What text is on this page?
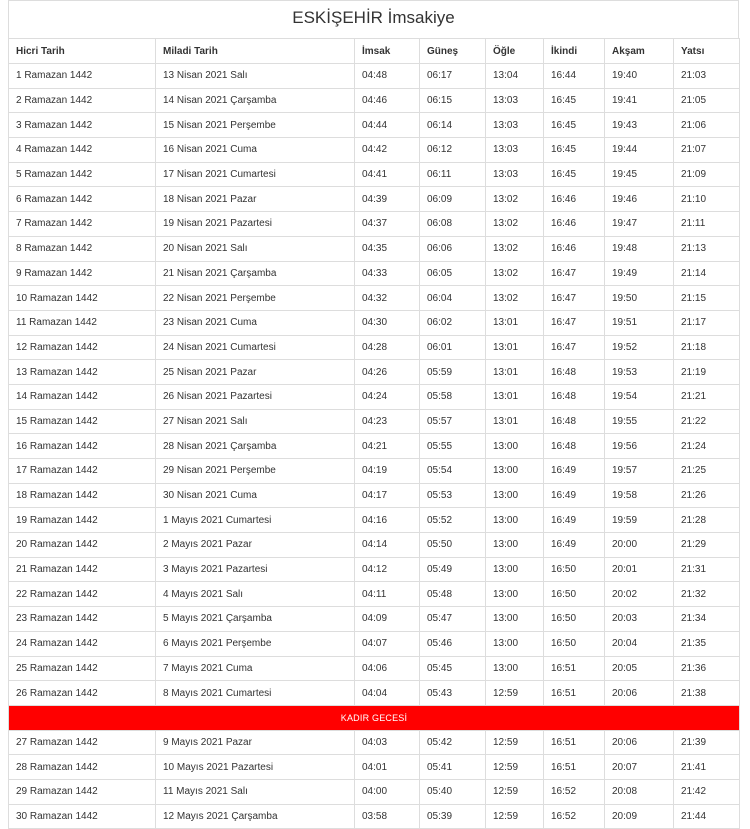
ESKİŞEHİR İmsakiye
Hicri Tarih	Miladi Tarih	İmsak	Güneş	Öğle	İkindi	Akşam	Yatsı
1 Ramazan 1442	13 Nisan 2021 Salı	04:48	06:17	13:04	16:44	19:40	21:03
2 Ramazan 1442	14 Nisan 2021 Çarşamba	04:46	06:15	13:03	16:45	19:41	21:05
3 Ramazan 1442	15 Nisan 2021 Perşembe	04:44	06:14	13:03	16:45	19:43	21:06
4 Ramazan 1442	16 Nisan 2021 Cuma	04:42	06:12	13:03	16:45	19:44	21:07
5 Ramazan 1442	17 Nisan 2021 Cumartesi	04:41	06:11	13:03	16:45	19:45	21:09
6 Ramazan 1442	18 Nisan 2021 Pazar	04:39	06:09	13:02	16:46	19:46	21:10
7 Ramazan 1442	19 Nisan 2021 Pazartesi	04:37	06:08	13:02	16:46	19:47	21:11
8 Ramazan 1442	20 Nisan 2021 Salı	04:35	06:06	13:02	16:46	19:48	21:13
9 Ramazan 1442	21 Nisan 2021 Çarşamba	04:33	06:05	13:02	16:47	19:49	21:14
10 Ramazan 1442	22 Nisan 2021 Perşembe	04:32	06:04	13:02	16:47	19:50	21:15
11 Ramazan 1442	23 Nisan 2021 Cuma	04:30	06:02	13:01	16:47	19:51	21:17
12 Ramazan 1442	24 Nisan 2021 Cumartesi	04:28	06:01	13:01	16:47	19:52	21:18
13 Ramazan 1442	25 Nisan 2021 Pazar	04:26	05:59	13:01	16:48	19:53	21:19
14 Ramazan 1442	26 Nisan 2021 Pazartesi	04:24	05:58	13:01	16:48	19:54	21:21
15 Ramazan 1442	27 Nisan 2021 Salı	04:23	05:57	13:01	16:48	19:55	21:22
16 Ramazan 1442	28 Nisan 2021 Çarşamba	04:21	05:55	13:00	16:48	19:56	21:24
17 Ramazan 1442	29 Nisan 2021 Perşembe	04:19	05:54	13:00	16:49	19:57	21:25
18 Ramazan 1442	30 Nisan 2021 Cuma	04:17	05:53	13:00	16:49	19:58	21:26
19 Ramazan 1442	1 Mayıs 2021 Cumartesi	04:16	05:52	13:00	16:49	19:59	21:28
20 Ramazan 1442	2 Mayıs 2021 Pazar	04:14	05:50	13:00	16:49	20:00	21:29
21 Ramazan 1442	3 Mayıs 2021 Pazartesi	04:12	05:49	13:00	16:50	20:01	21:31
22 Ramazan 1442	4 Mayıs 2021 Salı	04:11	05:48	13:00	16:50	20:02	21:32
23 Ramazan 1442	5 Mayıs 2021 Çarşamba	04:09	05:47	13:00	16:50	20:03	21:34
24 Ramazan 1442	6 Mayıs 2021 Perşembe	04:07	05:46	13:00	16:50	20:04	21:35
25 Ramazan 1442	7 Mayıs 2021 Cuma	04:06	05:45	13:00	16:51	20:05	21:36
26 Ramazan 1442	8 Mayıs 2021 Cumartesi	04:04	05:43	12:59	16:51	20:06	21:38
KADIR GECESİ							
27 Ramazan 1442	9 Mayıs 2021 Pazar	04:03	05:42	12:59	16:51	20:06	21:39
28 Ramazan 1442	10 Mayıs 2021 Pazartesi	04:01	05:41	12:59	16:51	20:07	21:41
29 Ramazan 1442	11 Mayıs 2021 Salı	04:00	05:40	12:59	16:52	20:08	21:42
30 Ramazan 1442	12 Mayıs 2021 Çarşamba	03:58	05:39	12:59	16:52	20:09	21:44
